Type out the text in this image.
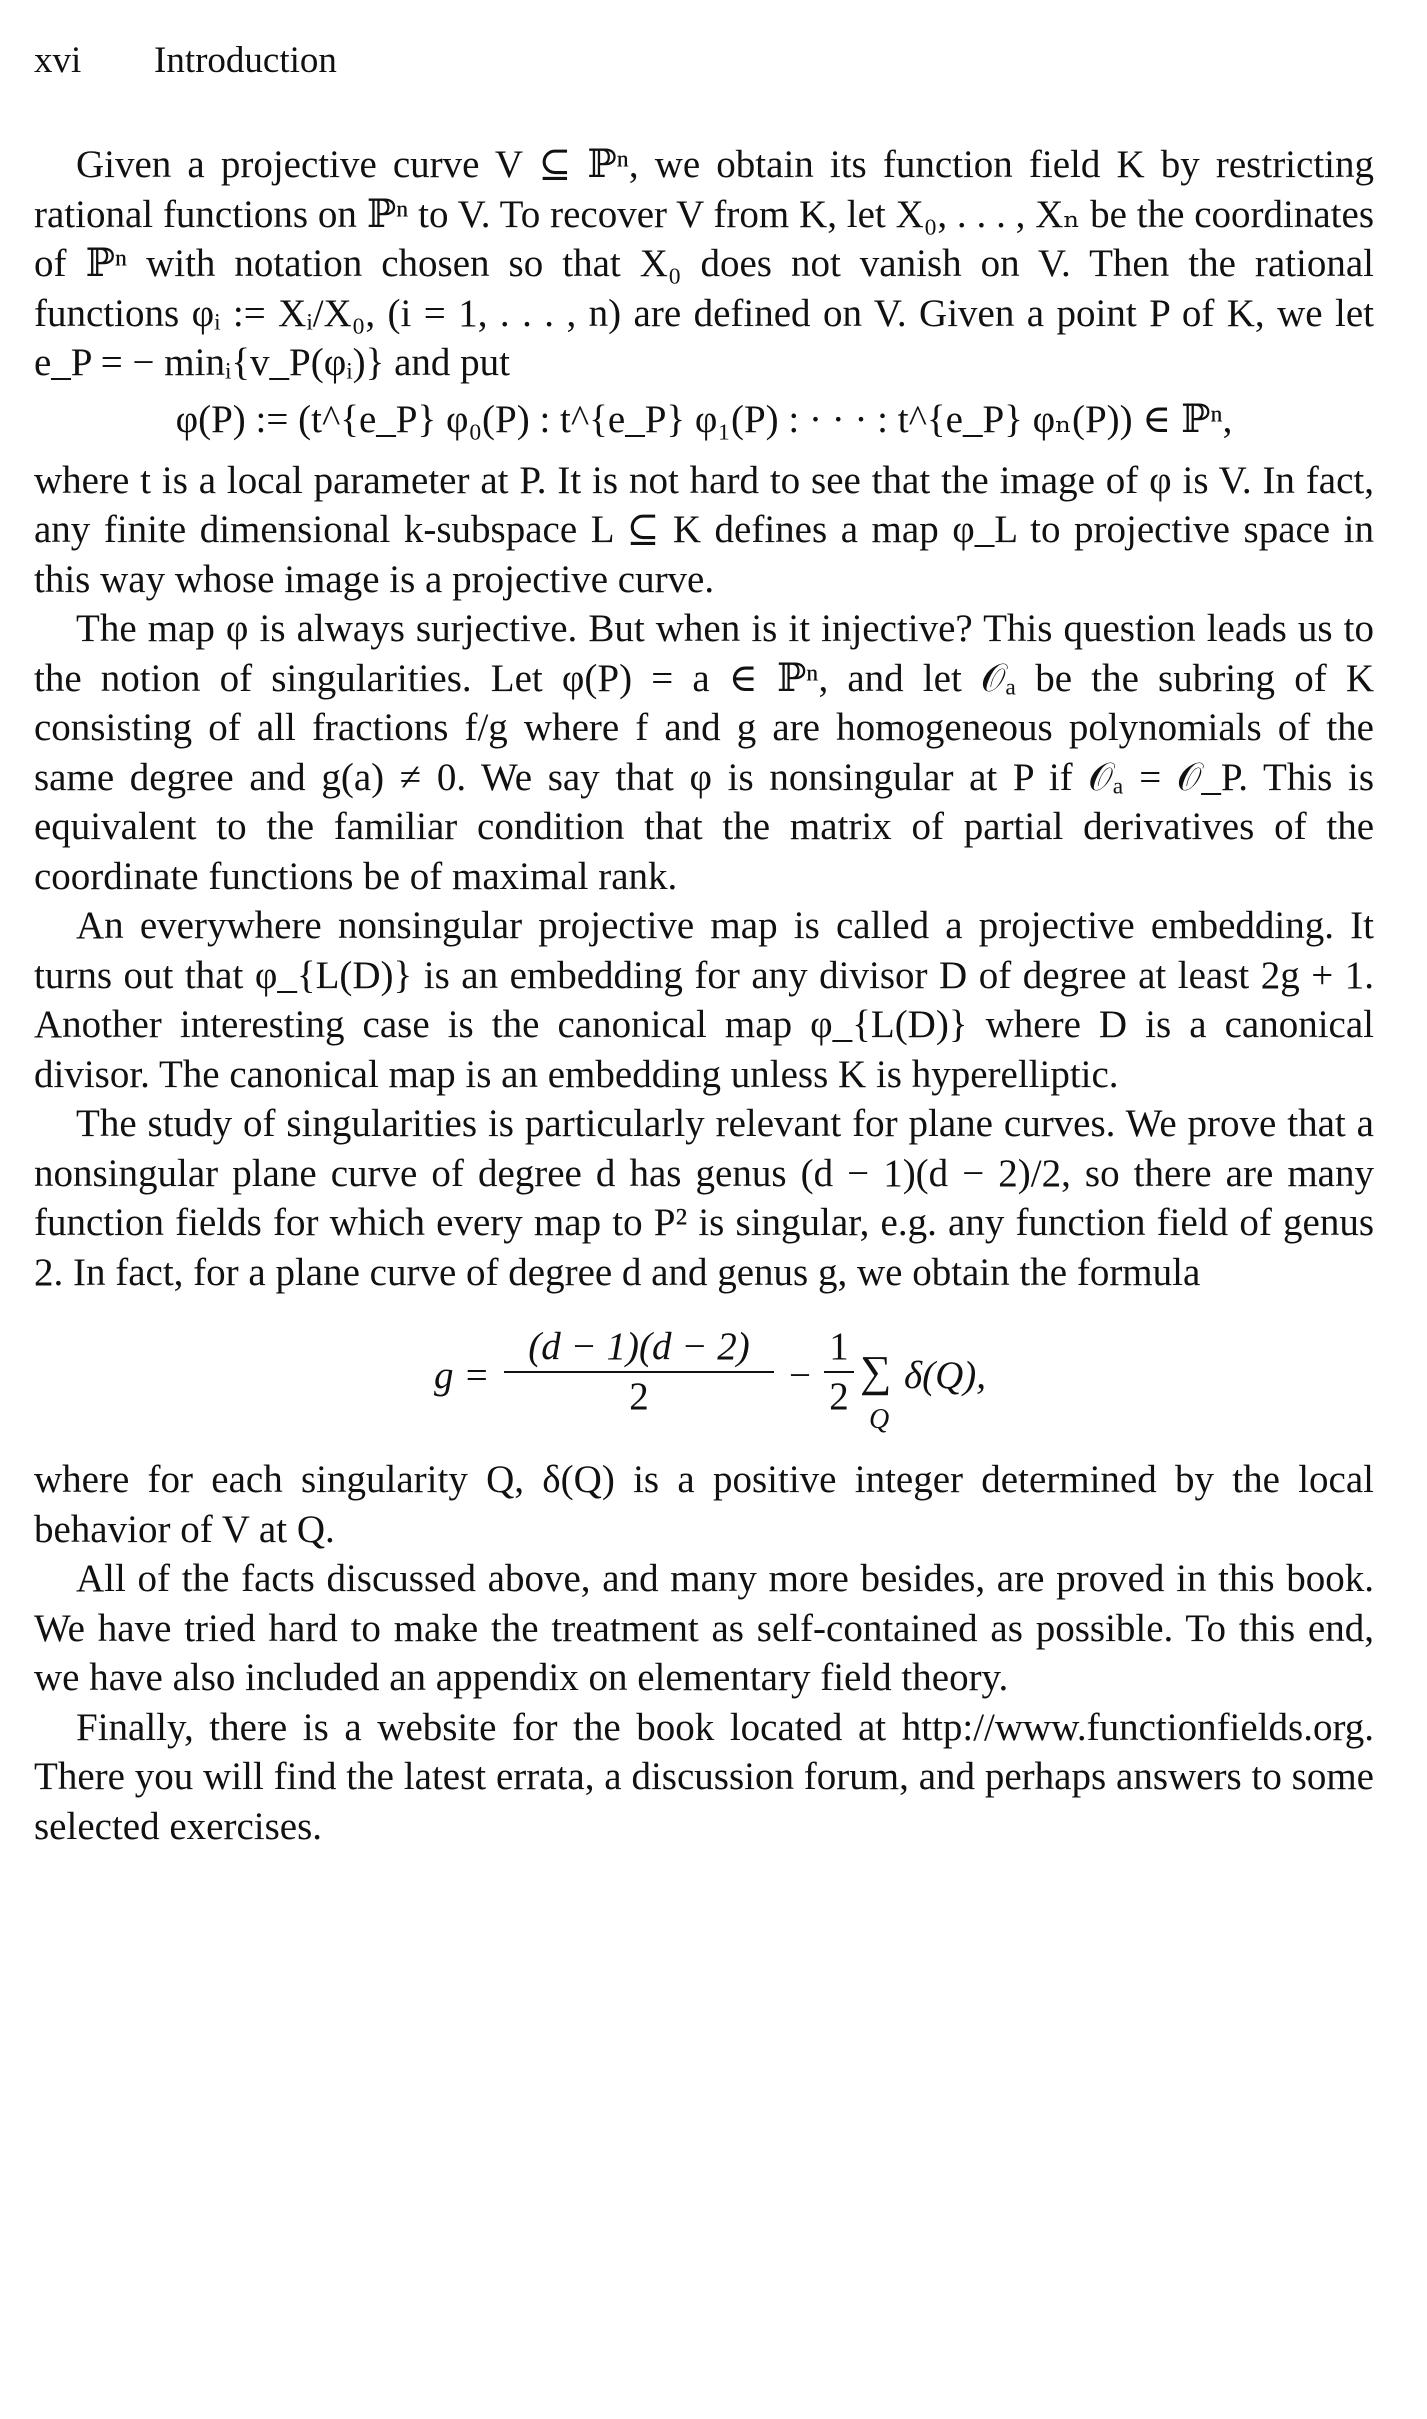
xvi Introduction

Given a projective curve V ⊆ ℙⁿ, we obtain its function field K by restricting rational functions on ℙⁿ to V. To recover V from K, let X₀, . . . , Xₙ be the coordinates of ℙⁿ with notation chosen so that X₀ does not vanish on V. Then the rational functions φᵢ := Xᵢ/X₀, (i = 1, . . . , n) are defined on V. Given a point P of K, we let e_P = − minᵢ{v_P(φᵢ)} and put

φ(P) := (t^{e_P} φ₀(P) : t^{e_P} φ₁(P) : · · · : t^{e_P} φₙ(P)) ∈ ℙⁿ,

where t is a local parameter at P. It is not hard to see that the image of φ is V. In fact, any finite dimensional k-subspace L ⊆ K defines a map φ_L to projective space in this way whose image is a projective curve.

The map φ is always surjective. But when is it injective? This question leads us to the notion of singularities. Let φ(P) = a ∈ ℙⁿ, and let 𝒪ₐ be the subring of K consisting of all fractions f/g where f and g are homogeneous polynomials of the same degree and g(a) ≠ 0. We say that φ is nonsingular at P if 𝒪ₐ = 𝒪_P. This is equivalent to the familiar condition that the matrix of partial derivatives of the coordinate functions be of maximal rank.

An everywhere nonsingular projective map is called a projective embedding. It turns out that φ_{L(D)} is an embedding for any divisor D of degree at least 2g + 1. Another interesting case is the canonical map φ_{L(D)} where D is a canonical divisor. The canonical map is an embedding unless K is hyperelliptic.

The study of singularities is particularly relevant for plane curves. We prove that a nonsingular plane curve of degree d has genus (d − 1)(d − 2)/2, so there are many function fields for which every map to P² is singular, e.g. any function field of genus 2. In fact, for a plane curve of degree d and genus g, we obtain the formula

g =
(d − 1)(d − 2)
2	−
1
2
∑
Q
δ(Q),

where for each singularity Q, δ(Q) is a positive integer determined by the local behavior of V at Q.

All of the facts discussed above, and many more besides, are proved in this book. We have tried hard to make the treatment as self-contained as possible. To this end, we have also included an appendix on elementary field theory.

Finally, there is a website for the book located at http://www.functionfields.org. There you will find the latest errata, a discussion forum, and perhaps answers to some selected exercises.
